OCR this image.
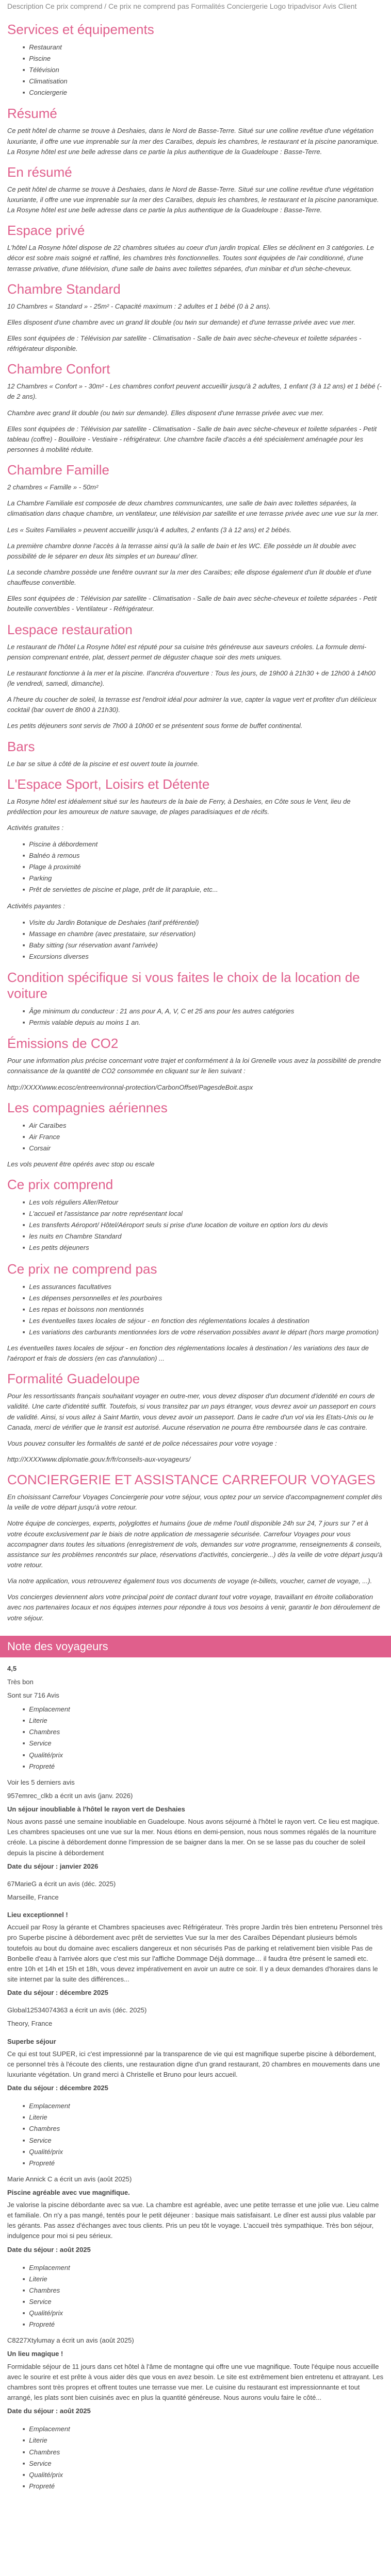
Description Ce prix comprend / Ce prix ne comprend pas Formalités Conciergerie Logo tripadvisor Avis Client
Services et équipements
■ Restaurant
■ Piscine
■ Télévision
■ Climatisation
■ Conciergerie
Résumé

Ce petit hôtel de charme se trouve à Deshaies, dans le Nord de Basse-Terre. Situé sur une colline revêtue d'une végétation luxuriante, il offre une vue imprenable sur la mer des Caraïbes, depuis les chambres, le restaurant et la piscine panoramique. La Rosyne hôtel est une belle adresse dans ce partie la plus authentique de la Guadeloupe : Basse-Terre.

En résumé

Ce petit hôtel de charme se trouve à Deshaies, dans le Nord de Basse-Terre. Situé sur une colline revêtue d'une végétation luxuriante, il offre une vue imprenable sur la mer des Caraïbes, depuis les chambres, le restaurant et la piscine panoramique. La Rosyne hôtel est une belle adresse dans ce partie la plus authentique de la Guadeloupe : Basse-Terre.

Espace privé

L'hôtel La Rosyne hôtel dispose de 22 chambres situées au coeur d'un jardin tropical. Elles se déclinent en 3 catégories. Le décor est sobre mais soigné et raffiné, les chambres très fonctionnelles. Toutes sont équipées de l'air conditionné, d'une terrasse privative, d'une télévision, d'une salle de bains avec toilettes séparées, d'un minibar et d'un sèche-cheveux.

Chambre Standard

10 Chambres « Standard » - 25m² - Capacité maximum : 2 adultes et 1 bébé (0 à 2 ans).

Elles disposent d'une chambre avec un grand lit double (ou twin sur demande) et d'une terrasse privée avec vue mer.

Elles sont équipées de : Télévision par satellite - Climatisation - Salle de bain avec sèche-cheveux et toilette séparées - réfrigérateur disponible.

Chambre Confort

12 Chambres « Confort » - 30m² - Les chambres confort peuvent accueillir jusqu'à 2 adultes, 1 enfant (3 à 12 ans) et 1 bébé (- de 2 ans).

Chambre avec grand lit double (ou twin sur demande). Elles disposent d'une terrasse privée avec vue mer.

Elles sont équipées de : Télévision par satellite - Climatisation - Salle de bain avec sèche-cheveux et toilette séparées - Petit tableau (coffre) - Bouilloire - Vestiaire - réfrigérateur. Une chambre facile d'accès a été spécialement aménagée pour les personnes à mobilité réduite.

Chambre Famille

2 chambres « Famille » - 50m²

La Chambre Familiale est composée de deux chambres communicantes, une salle de bain avec toilettes séparées, la climatisation dans chaque chambre, un ventilateur, une télévision par satellite et une terrasse privée avec une vue sur la mer.

Les « Suites Familiales » peuvent accueillir jusqu'à 4 adultes, 2 enfants (3 à 12 ans) et 2 bébés.

La première chambre donne l'accès à la terrasse ainsi qu'à la salle de bain et les WC. Elle possède un lit double avec possibilité de le séparer en deux lits simples et un bureau/ dîner.

La seconde chambre possède une fenêtre ouvrant sur la mer des Caraïbes; elle dispose également d'un lit double et d'une chauffeuse convertible.

Elles sont équipées de : Télévision par satellite - Climatisation - Salle de bain avec sèche-cheveux et toilette séparées - Petit bouteille convertibles - Ventilateur - Réfrigérateur.

Lespace restauration

Le restaurant de l'hôtel La Rosyne hôtel est réputé pour sa cuisine très généreuse aux saveurs créoles. La formule demi-pension comprenant entrée, plat, dessert permet de déguster chaque soir des mets uniques.

Le restaurant fonctionne à la mer et la piscine. Il'ancréra d'ouverture : Tous les jours, de 19h00 à 21h30 + de 12h00 à 14h00 (le vendredi, samedi, dimanche).

A l'heure du coucher de soleil, la terrasse est l'endroit idéal pour admirer la vue, capter la vague vert et profiter d'un délicieux cocktail (bar ouvert de 8h00 à 21h30).

Les petits déjeuners sont servis de 7h00 à 10h00 et se présentent sous forme de buffet continental.

Bars

Le bar se situe à côté de la piscine et est ouvert toute la journée.

L'Espace Sport, Loisirs et Détente

La Rosyne hôtel est idéalement situé sur les hauteurs de la baie de Ferry, à Deshaies, en Côte sous le Vent, lieu de prédilection pour les amoureux de nature sauvage, de plages paradisiaques et de récifs.

Activités gratuites :

■ Piscine à débordement
■ Balnéo à remous
■ Plage à proximité
■ Parking
■ Prêt de serviettes de piscine et plage, prêt de lit parapluie, etc...

Activités payantes :

■ Visite du Jardin Botanique de Deshaies (tarif préférentiel)
■ Massage en chambre (avec prestataire, sur réservation)
■ Baby sitting (sur réservation avant l'arrivée)
■ Excursions diverses
Condition spécifique si vous faites le choix de la location de voiture
■ Âge minimum du conducteur : 21 ans pour A, A, V, C et 25 ans pour les autres catégories
■ Permis valable depuis au moins 1 an.
Émissions de CO2

Pour une information plus précise concernant votre trajet et conformément à la loi Grenelle vous avez la possibilité de prendre connaissance de la quantité de CO2 consommée en cliquant sur le lien suivant :

http://XXXXwww.ecosc/entreenvironnal-protection/CarbonOffset/PagesdeBoit.aspx

Les compagnies aériennes
■ Air Caraïbes
■ Air France
■ Corsair

Les vols peuvent être opérés avec stop ou escale

Ce prix comprend
■ Les vols réguliers Aller/Retour
■ L'accueil et l'assistance par notre représentant local
■ Les transferts Aéroport/ Hôtel/Aéroport seuls si prise d'une location de voiture en option lors du devis
■ les nuits en Chambre Standard
■ Les petits déjeuners
Ce prix ne comprend pas
■ Les assurances facultatives
■ Les dépenses personnelles et les pourboires
■ Les repas et boissons non mentionnés
■ Les éventuelles taxes locales de séjour - en fonction des réglementations locales à destination
■ Les variations des carburants mentionnées lors de votre réservation possibles avant le départ (hors marge promotion)

Les éventuelles taxes locales de séjour - en fonction des réglementations locales à destination / les variations des taux de l'aéroport et frais de dossiers (en cas d'annulation) ...

Formalité Guadeloupe

Pour les ressortissants français souhaitant voyager en outre-mer, vous devez disposer d'un document d'identité en cours de validité. Une carte d'identité suffit. Toutefois, si vous transitez par un pays étranger, vous devrez avoir un passeport en cours de validité. Ainsi, si vous allez à Saint Martin, vous devez avoir un passeport. Dans le cadre d'un vol via les Etats-Unis ou le Canada, merci de vérifier que le transit est autorisé. Aucune réservation ne pourra être remboursée dans le cas contraire.

Vous pouvez consulter les formalités de santé et de police nécessaires pour votre voyage :

http://XXXXwww.diplomatie.gouv.fr/fr/conseils-aux-voyageurs/

CONCIERGERIE ET ASSISTANCE CARREFOUR VOYAGES

En choisissant Carrefour Voyages Conciergerie pour votre séjour, vous optez pour un service d'accompagnement complet dès la veille de votre départ jusqu'à votre retour.

Notre équipe de concierges, experts, polyglottes et humains (joue de même l'outil disponible 24h sur 24, 7 jours sur 7 et à votre écoute exclusivement par le biais de notre application de messagerie sécurisée. Carrefour Voyages pour vous accompagner dans toutes les situations (enregistrement de vols, demandes sur votre programme, renseignements & conseils, assistance sur les problèmes rencontrés sur place, réservations d'activités, conciergerie...) dès la veille de votre départ jusqu'à votre retour.

Via notre application, vous retrouverez également tous vos documents de voyage (e-billets, voucher, carnet de voyage, ...).

Vos concierges deviennent alors votre principal point de contact durant tout votre voyage, travaillant en étroite collaboration avec nos partenaires locaux et nos équipes internes pour répondre à tous vos besoins à venir, garantir le bon déroulement de votre séjour.

Note des voyageurs

4,5

Très bon

Sont sur 716 Avis

■ Emplacement
■ Literie
■ Chambres
■ Service
■ Qualité/prix
■ Propreté

Voir les 5 derniers avis

957emrec_clkb a écrit un avis (janv. 2026)

Un séjour inoubliable à l'hôtel le rayon vert de Deshaies

Nous avons passé une semaine inoubliable en Guadeloupe. Nous avons séjourné à l'hôtel le rayon vert. Ce lieu est magique. Les chambres spacieuses ont une vue sur la mer. Nous étions en demi-pension, nous nous sommes régalés de la nourriture créole. La piscine à débordement donne l'impression de se baigner dans la mer. On se se lasse pas du coucher de soleil depuis la piscine à débordement

Date du séjour : janvier 2026

67MarieG a écrit un avis (déc. 2025)

Marseille, France

Lieu exceptionnel !

Accueil par Rosy la gérante et Chambres spacieuses avec Réfrigérateur. Très propre Jardin très bien entretenu Personnel très pro Superbe piscine à débordement avec prêt de serviettes Vue sur la mer des Caraïbes Dépendant plusieurs bémols toutefois au bout du domaine avec escaliers dangereux et non sécurisés Pas de parking et relativement bien visible Pas de Bonbelle d'eau à l'arrivée alors que c'est mis sur l'affiche Dommage Déjà dommage… il faudra être présent le samedi etc. entre 10h et 14h et 15h et 18h, vous devez impérativement en avoir un autre ce soir. Il y a deux demandes d'horaires dans le site internet par la suite des différences...

Date du séjour : décembre 2025

Global12534074363 a écrit un avis (déc. 2025)

Theory, France

Superbe séjour

Ce qui est tout SUPER, ici c'est impressionné par la transparence de vie qui est magnifique superbe piscine à débordement, ce personnel très à l'écoute des clients, une restauration digne d'un grand restaurant, 20 chambres en mouvements dans une luxuriante végétation. Un grand merci à Christelle et Bruno pour leurs accueil.

Date du séjour : décembre 2025

■ Emplacement
■ Literie
■ Chambres
■ Service
■ Qualité/prix
■ Propreté

Marie Annick C a écrit un avis (août 2025)

Piscine agréable avec vue magnifique.

Je valorise la piscine débordante avec sa vue. La chambre est agréable, avec une petite terrasse et une jolie vue. Lieu calme et familiale. On n'y a pas mangé, tentés pour le petit déjeuner : basique mais satisfaisant. Le dîner est aussi plus valable par les gérants. Pas assez d'échanges avec tous clients. Pris un peu tôt le voyage. L'accueil très sympathique. Très bon séjour, indulgence pour moi si peu sérieux.

Date du séjour : août 2025

■ Emplacement
■ Literie
■ Chambres
■ Service
■ Qualité/prix
■ Propreté

C8227Xtylumay a écrit un avis (août 2025)

Un lieu magique !

Formidable séjour de 11 jours dans cet hôtel à l'âme de montagne qui offre une vue magnifique. Toute l'équipe nous accueille avec le sourire et est prête à vous aider dès que vous en avez besoin. Le site est extrêmement bien entretenu et attrayant. Les chambres sont très propres et offrent toutes une terrasse vue mer. Le cuisine du restaurant est impressionnante et tout arrangé, les plats sont bien cuisinés avec en plus la quantité généreuse. Nous aurons voulu faire le côté...

Date du séjour : août 2025

■ Emplacement
■ Literie
■ Chambres
■ Service
■ Qualité/prix
■ Propreté
